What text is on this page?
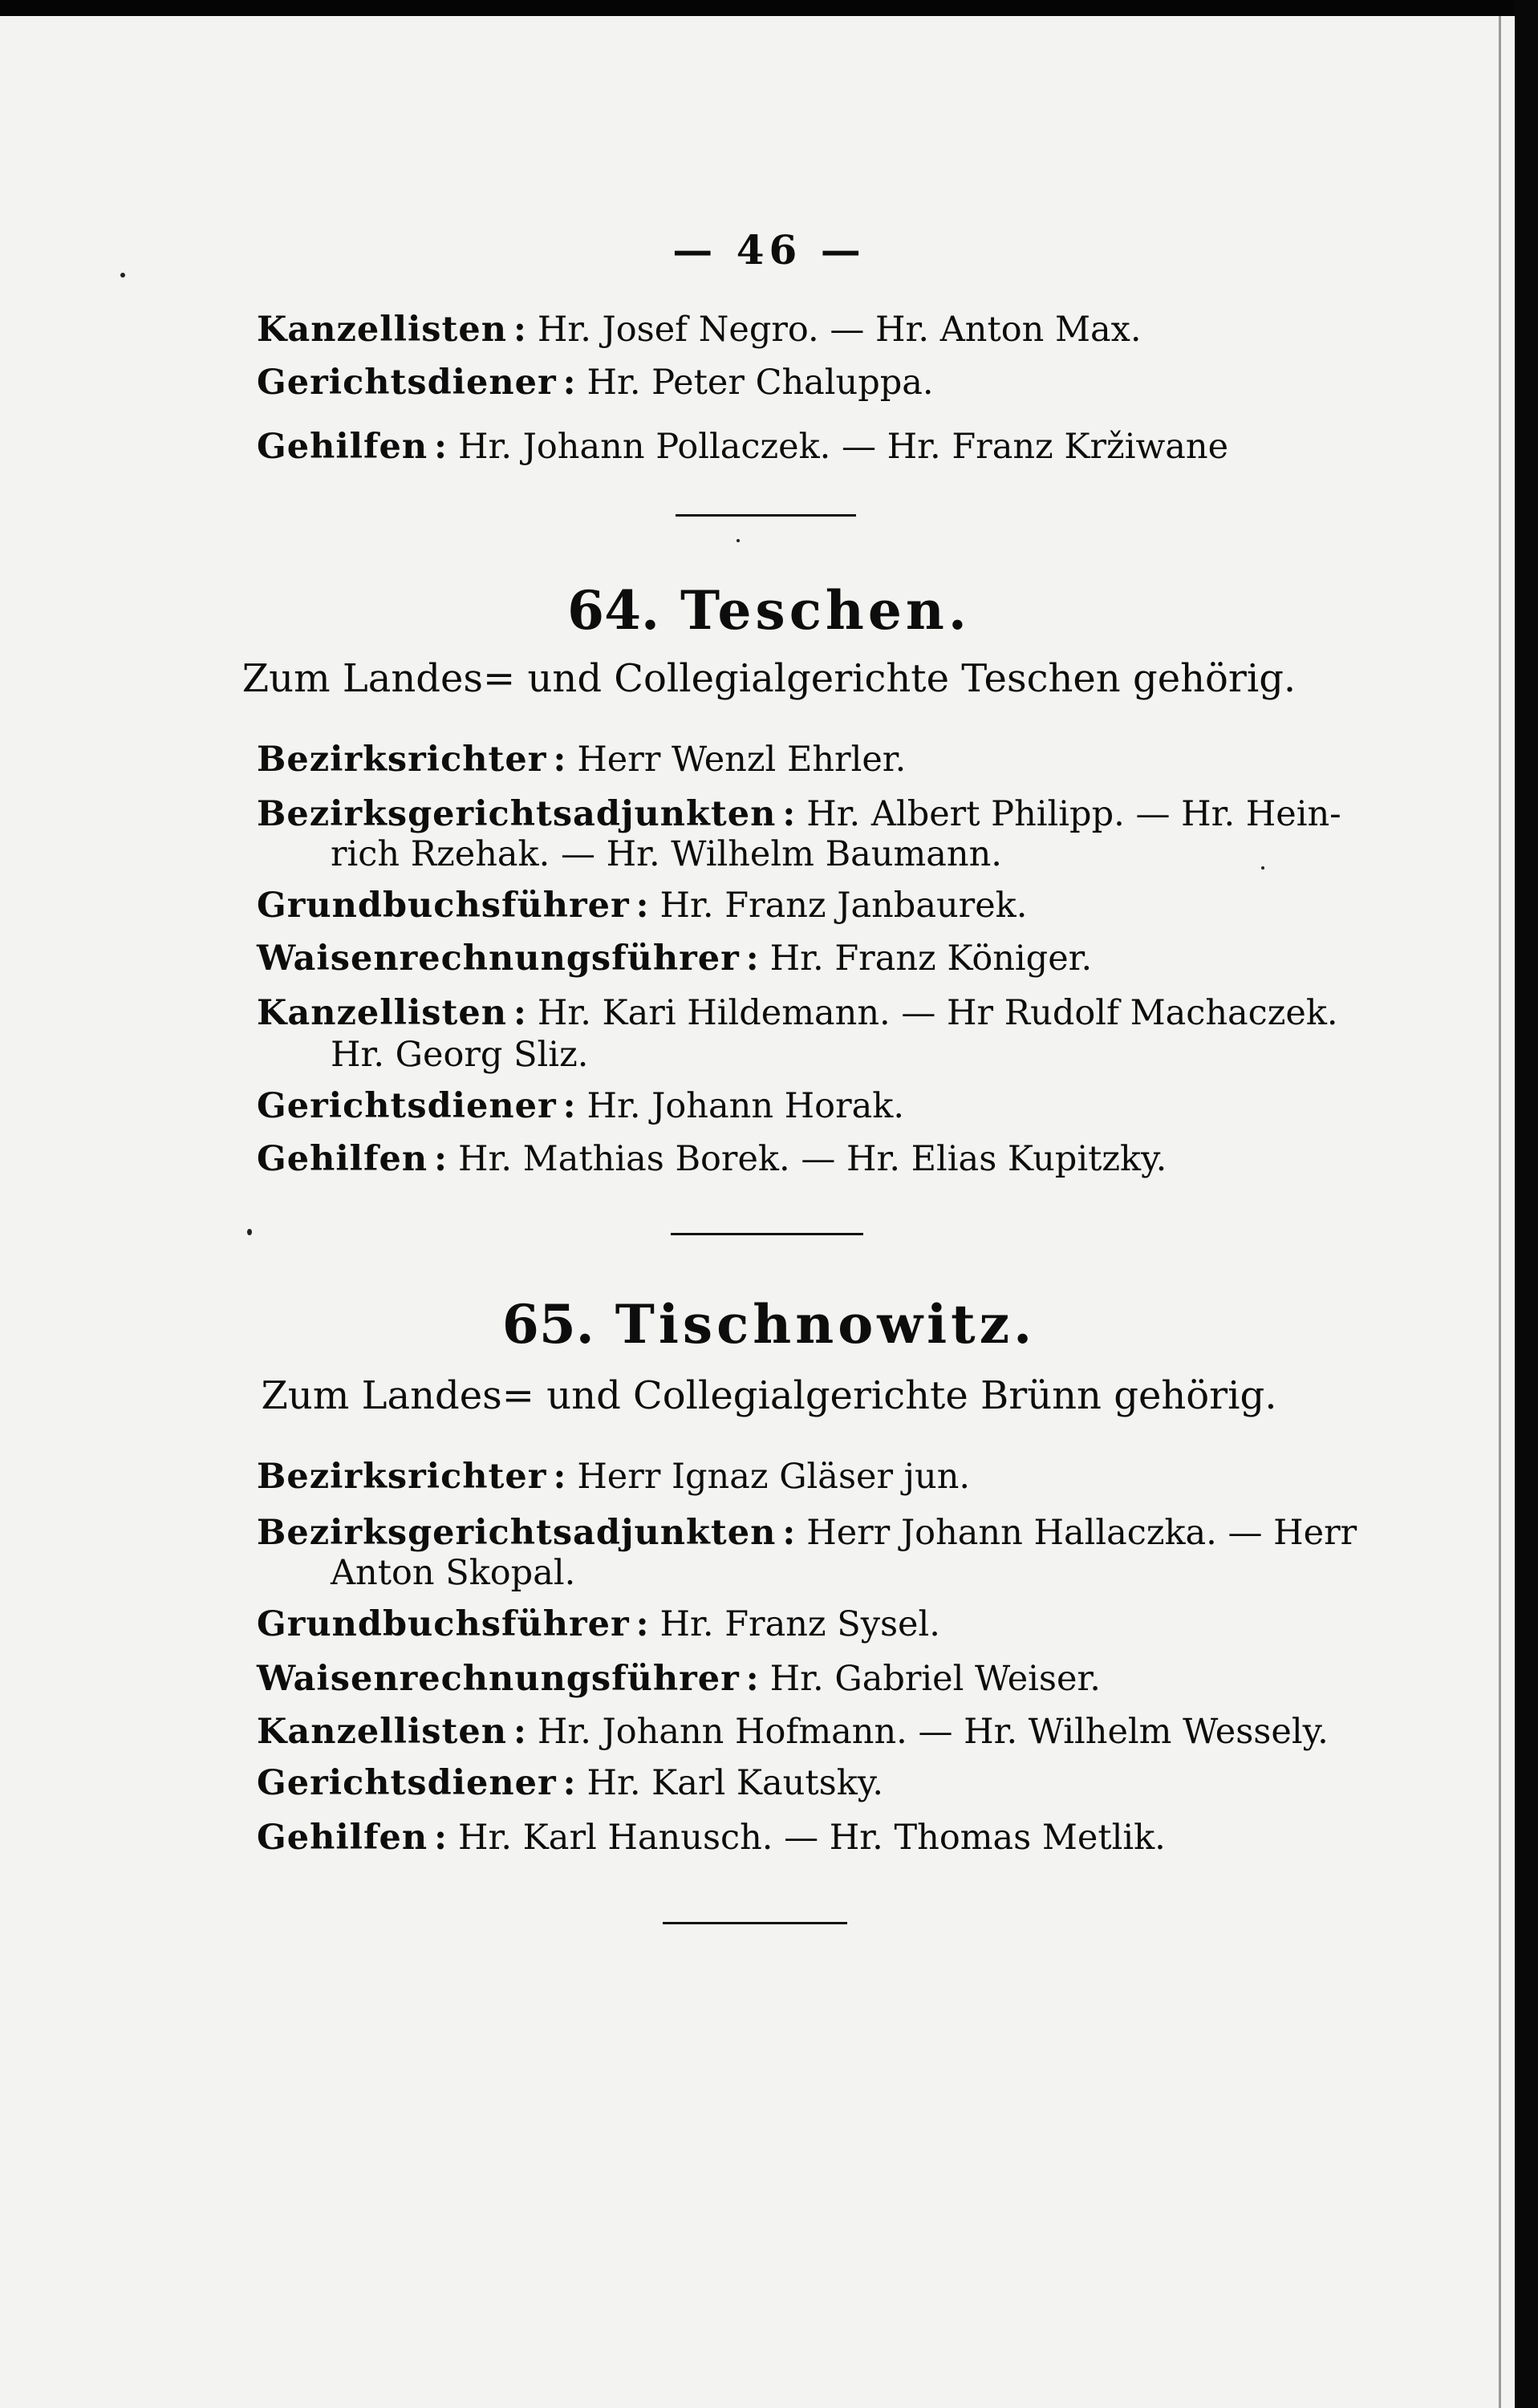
— 46 —
Kanzellisten : Hr. Josef Negro. — Hr. Anton Max.
Gerichtsdiener : Hr. Peter Chaluppa.
Gehilfen : Hr. Johann Pollaczek. — Hr. Franz Kržiwane
64. Teschen.
Zum Landes= und Collegialgerichte Teschen gehörig.
Bezirksrichter : Herr Wenzl Ehrler.
Bezirksgerichtsadjunkten : Hr. Albert Philipp. — Hr. Hein-
rich Rzehak. — Hr. Wilhelm Baumann.
Grundbuchsführer : Hr. Franz Janbaurek.
Waisenrechnungsführer : Hr. Franz Königer.
Kanzellisten : Hr. Kari Hildemann. — Hr Rudolf Machaczek.
Hr. Georg Sliz.
Gerichtsdiener : Hr. Johann Horak.
Gehilfen : Hr. Mathias Borek. — Hr. Elias Kupitzky.
65. Tischnowitz.
Zum Landes= und Collegialgerichte Brünn gehörig.
Bezirksrichter : Herr Ignaz Gläser jun.
Bezirksgerichtsadjunkten : Herr Johann Hallaczka. — Herr
Anton Skopal.
Grundbuchsführer : Hr. Franz Sysel.
Waisenrechnungsführer : Hr. Gabriel Weiser.
Kanzellisten : Hr. Johann Hofmann. — Hr. Wilhelm Wessely.
Gerichtsdiener : Hr. Karl Kautsky.
Gehilfen : Hr. Karl Hanusch. — Hr. Thomas Metlik.
